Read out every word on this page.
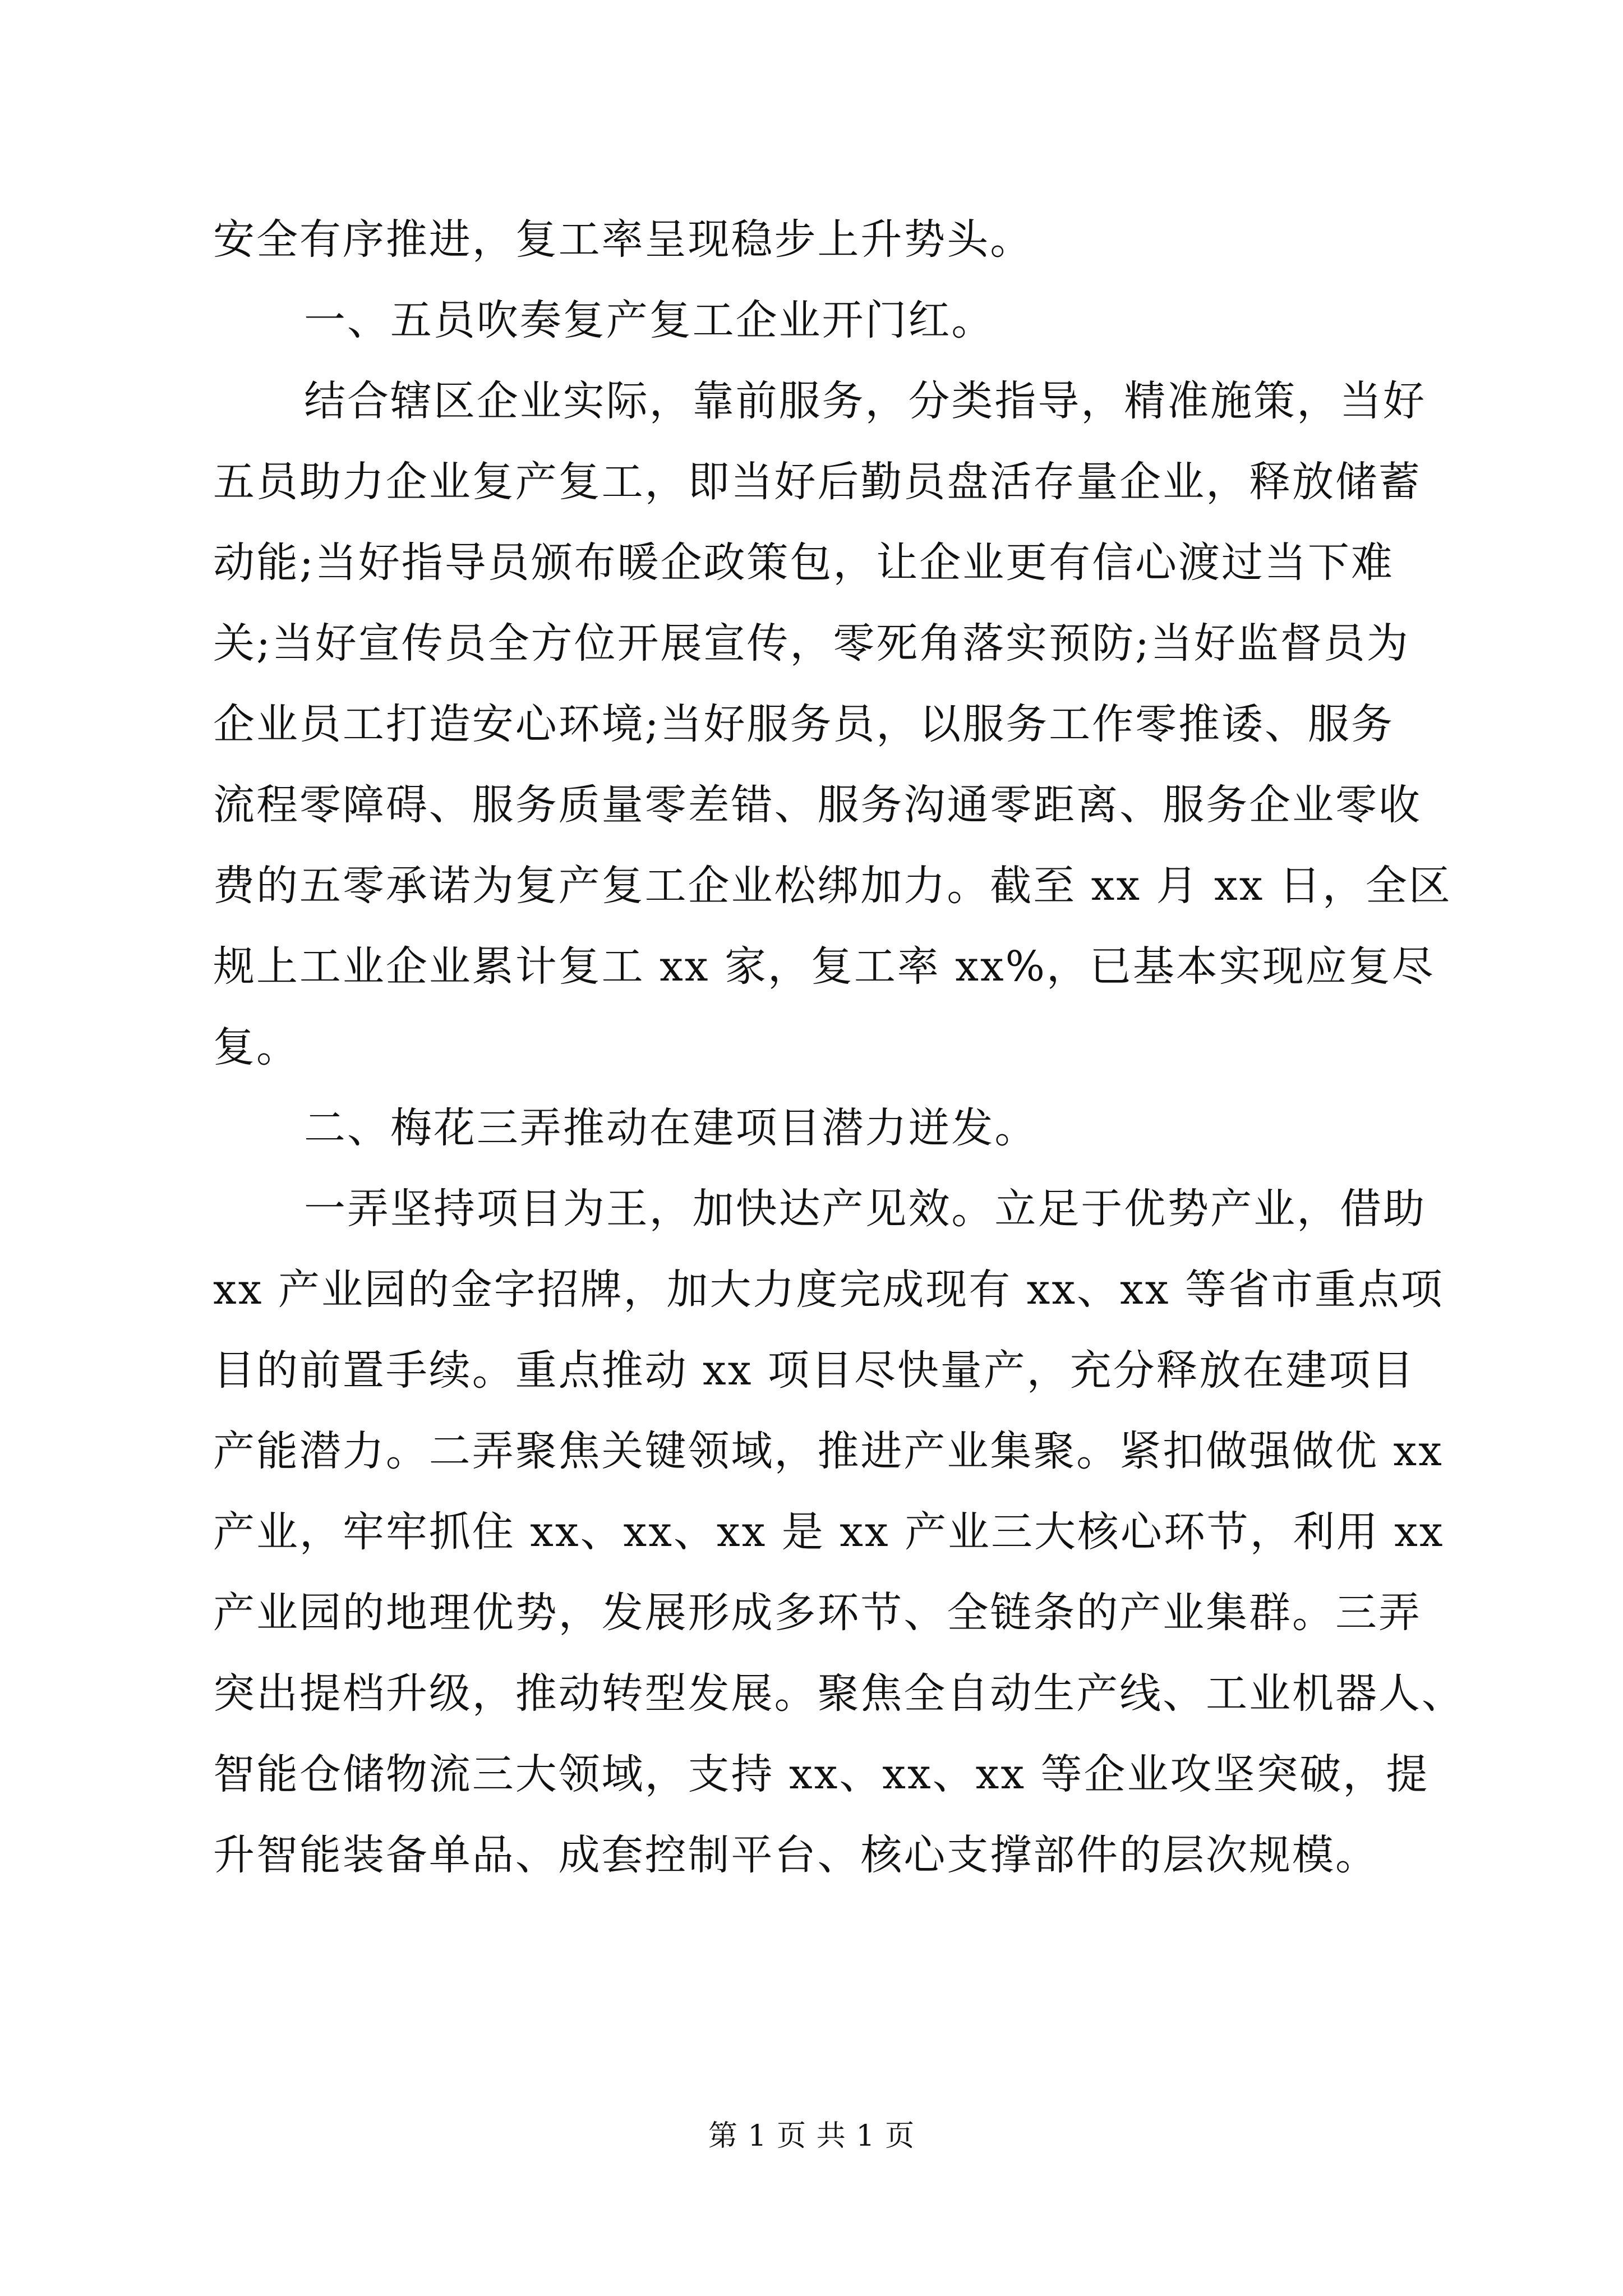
安全有序推进，复工率呈现稳步上升势头。

一、五员吹奏复产复工企业开门红。

结合辖区企业实际，靠前服务，分类指导，精准施策，当好

五员助力企业复产复工，即当好后勤员盘活存量企业，释放储蓄

动能;当好指导员颁布暖企政策包，让企业更有信心渡过当下难

关;当好宣传员全方位开展宣传，零死角落实预防;当好监督员为

企业员工打造安心环境;当好服务员，以服务工作零推诿、服务

流程零障碍、服务质量零差错、服务沟通零距离、服务企业零收

费的五零承诺为复产复工企业松绑加力。截至 xx 月 xx 日，全区

规上工业企业累计复工 xx 家，复工率 xx%，已基本实现应复尽

复。

二、梅花三弄推动在建项目潜力迸发。

一弄坚持项目为王，加快达产见效。立足于优势产业，借助

xx 产业园的金字招牌，加大力度完成现有 xx、xx 等省市重点项

目的前置手续。重点推动 xx 项目尽快量产，充分释放在建项目

产能潜力。二弄聚焦关键领域，推进产业集聚。紧扣做强做优 xx

产业，牢牢抓住 xx、xx、xx 是 xx 产业三大核心环节，利用 xx

产业园的地理优势，发展形成多环节、全链条的产业集群。三弄

突出提档升级，推动转型发展。聚焦全自动生产线、工业机器人、

智能仓储物流三大领域，支持 xx、xx、xx 等企业攻坚突破，提

升智能装备单品、成套控制平台、核心支撑部件的层次规模。

第 1 页 共 1 页
